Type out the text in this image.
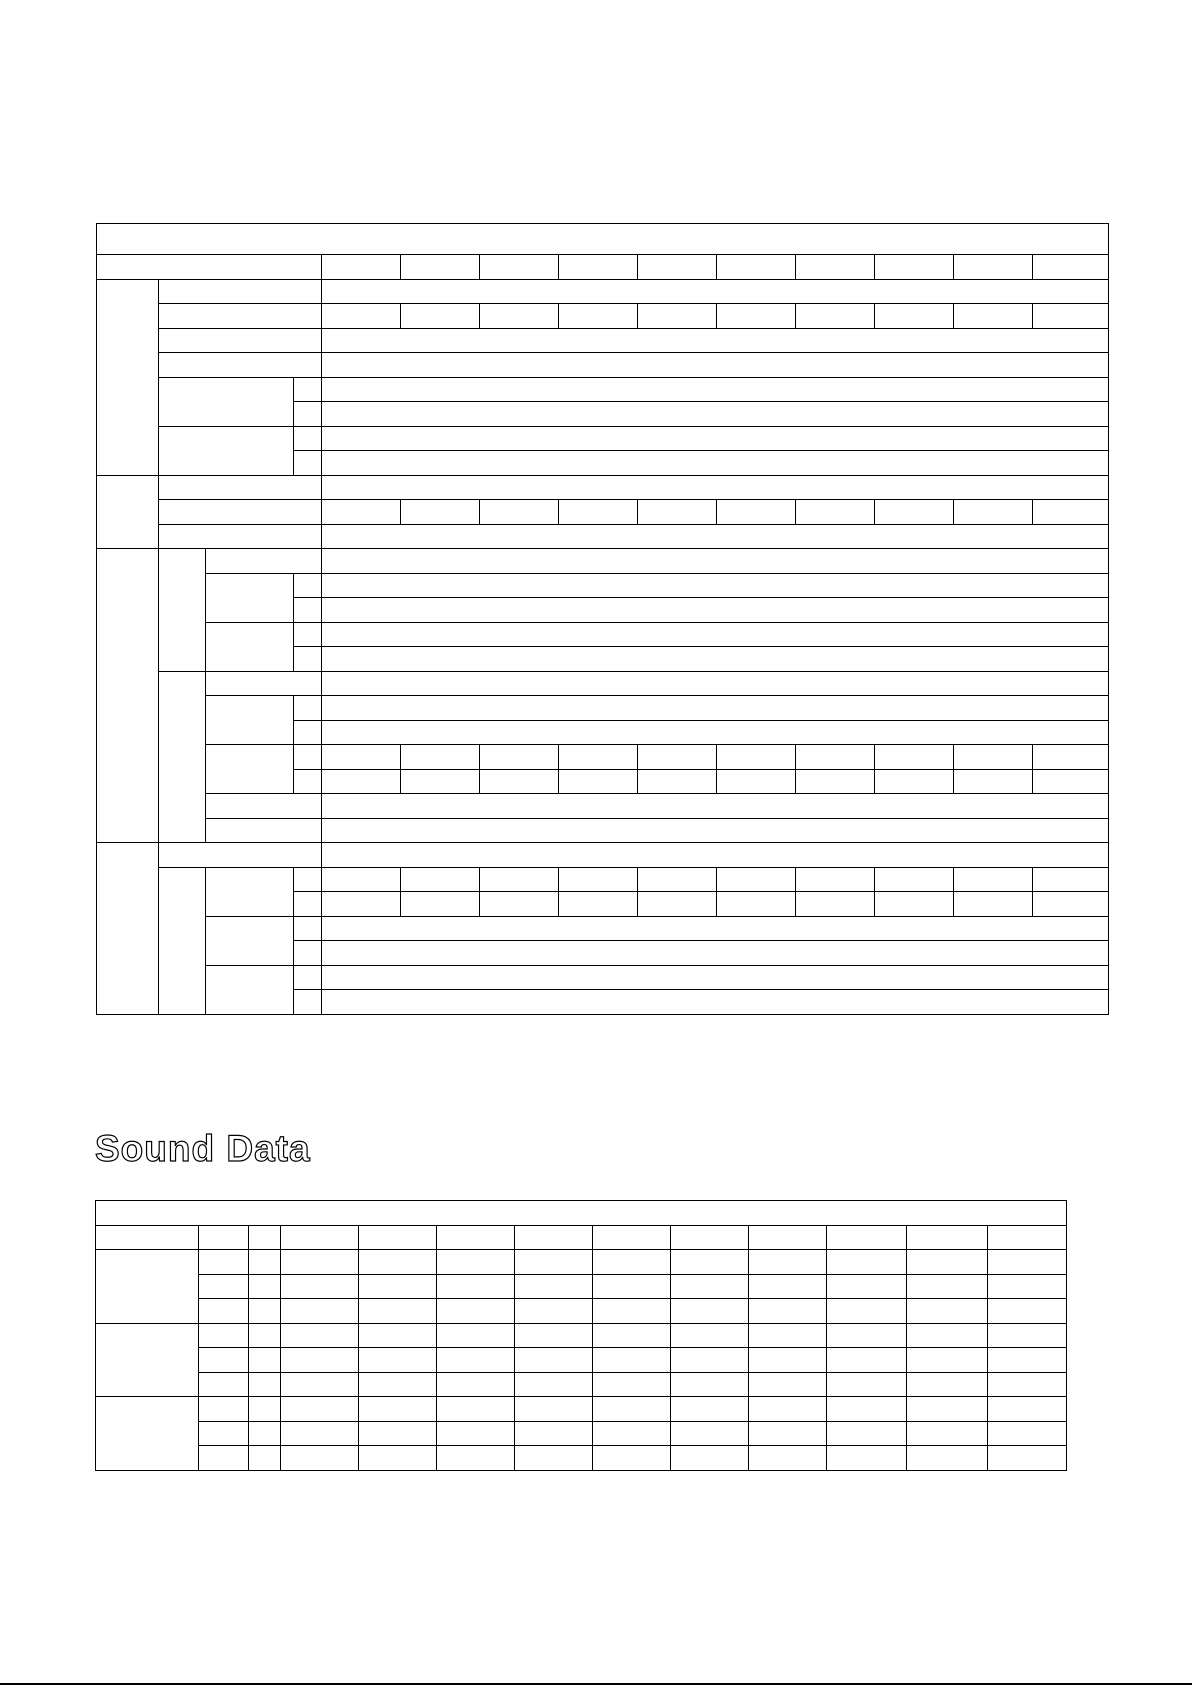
Sound Data
